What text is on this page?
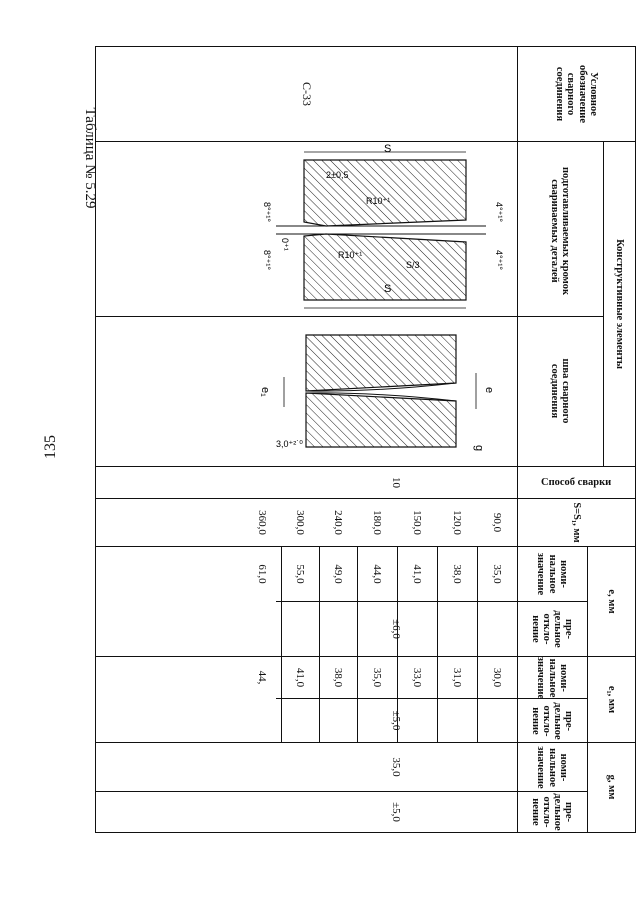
135
Таблица № 5.29
Условное обозначение сварного соединения
Конструктивные элементы
подготавливаемых кромок свариваемых деталей
шва сварного соединения
Способ сварки
S=S₁, мм
e, мм
e₁, мм
g, мм
номи- нальное значение
пре- дельное откло- нение
номи- нальное значение
пре- дельное откло- нение
номи- нальное значение
пре- дельное откло- нение
С-33
10
±6,0
±5,0
35,0
±5,0
90,0
35,0
30,0
120,0
38,0
31,0
150,0
41,0
33,0
180,0
44,0
35,0
240,0
49,0
38,0
300,0
55,0
41,0
360,0
61,0
44,
S
S
4°⁺¹°
4°⁺¹°
8°⁺¹°
8°⁺¹°
R10⁺¹
R10⁺¹
0⁺¹
S/3
2±0,5
e
e₁
g
3,0⁺²˙⁰
